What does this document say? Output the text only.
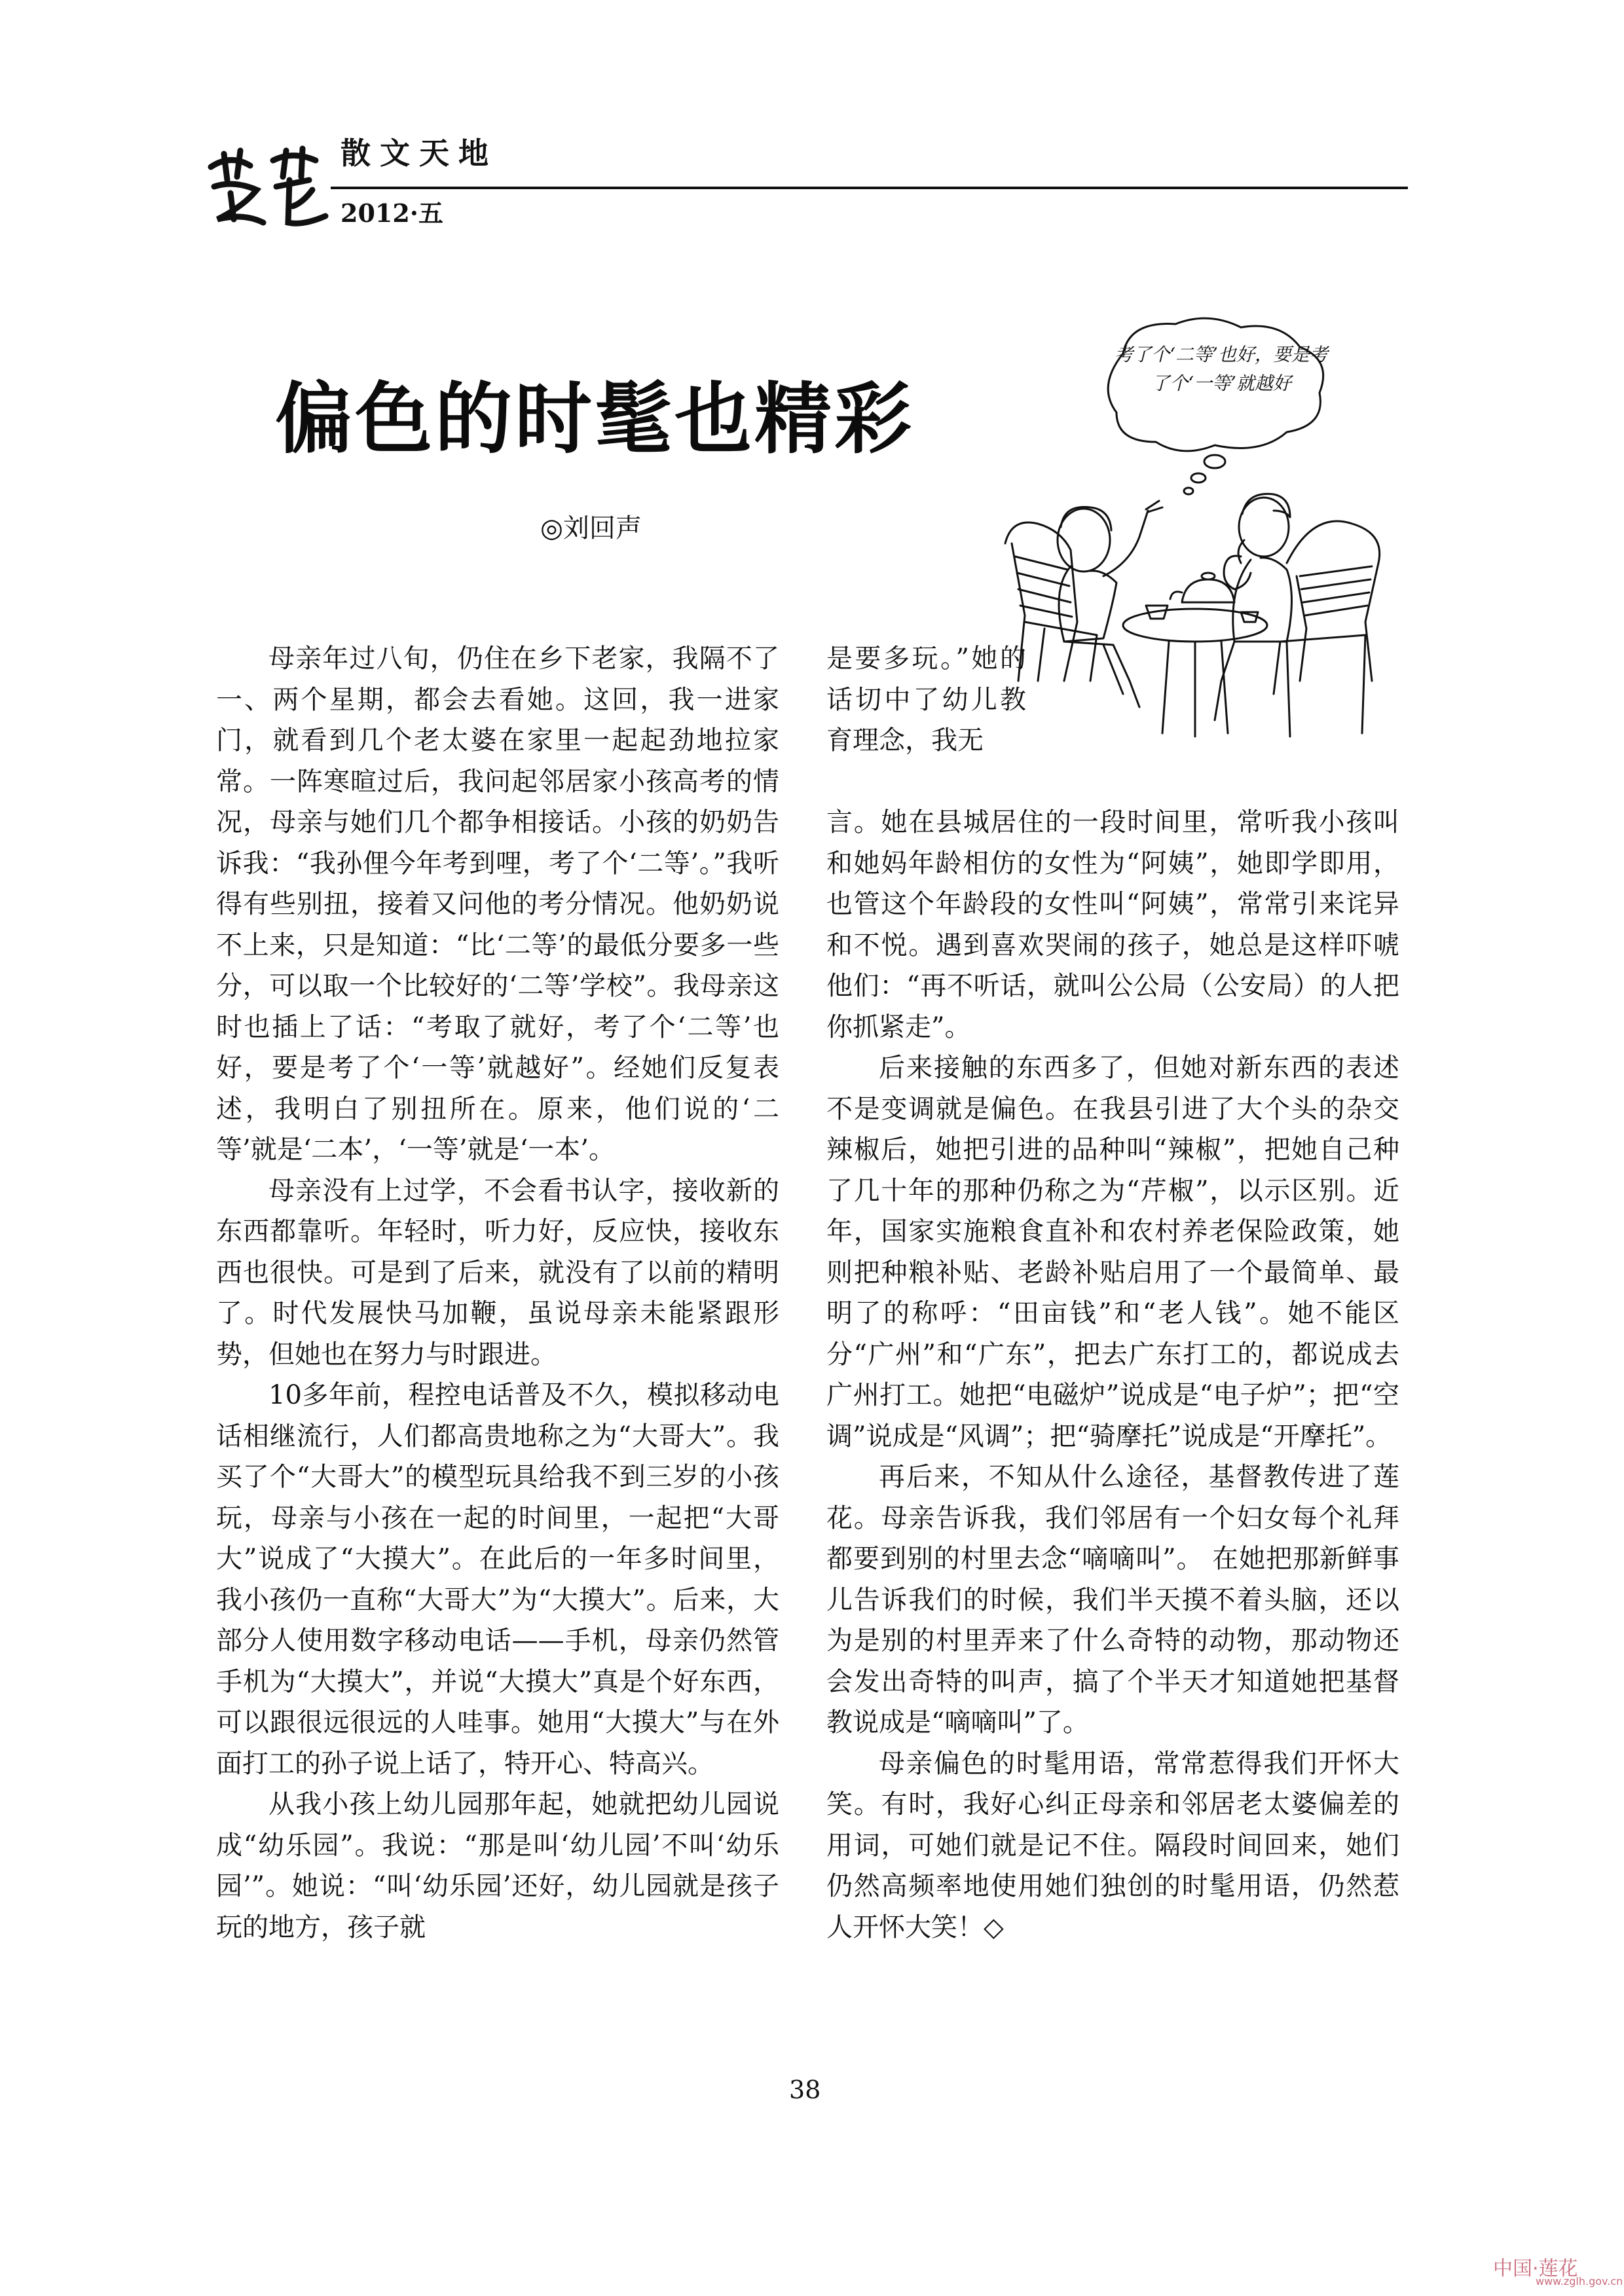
散文天地
2012·五
偏色的时髦也精彩
◎刘回声
考了个‘二等’也好，要是考了个‘一等’就越好

母亲年过八旬，仍住在乡下老家，我隔不了一、两个星期，都会去看她。这回，我一进家门，就看到几个老太婆在家里一起起劲地拉家常。一阵寒暄过后，我问起邻居家小孩高考的情况，母亲与她们几个都争相接话。小孩的奶奶告诉我：“我孙俚今年考到哩，考了个‘二等’。”我听得有些别扭，接着又问他的考分情况。他奶奶说不上来，只是知道：“比‘二等’的最低分要多一些分，可以取一个比较好的‘二等’学校”。我母亲这时也插上了话：“考取了就好，考了个‘二等’也好，要是考了个‘一等’就越好”。经她们反复表述，我明白了别扭所在。原来，他们说的‘二等’就是‘二本’，‘一等’就是‘一本’。

母亲没有上过学，不会看书认字，接收新的东西都靠听。年轻时，听力好，反应快，接收东西也很快。可是到了后来，就没有了以前的精明了。时代发展快马加鞭，虽说母亲未能紧跟形势，但她也在努力与时跟进。

10多年前，程控电话普及不久，模拟移动电话相继流行，人们都高贵地称之为“大哥大”。我买了个“大哥大”的模型玩具给我不到三岁的小孩玩，母亲与小孩在一起的时间里，一起把“大哥大”说成了“大摸大”。在此后的一年多时间里，我小孩仍一直称“大哥大”为“大摸大”。后来，大部分人使用数字移动电话——手机，母亲仍然管手机为“大摸大”，并说“大摸大”真是个好东西，可以跟很远很远的人哇事。她用“大摸大”与在外面打工的孙子说上话了，特开心、特高兴。

从我小孩上幼儿园那年起，她就把幼儿园说成“幼乐园”。我说：“那是叫‘幼儿园’不叫‘幼乐园’”。她说：“叫‘幼乐园’还好，幼儿园就是孩子玩的地方，孩子就

是要多玩。”她的话切中了幼儿教育理念，我无

言。她在县城居住的一段时间里，常听我小孩叫和她妈年龄相仿的女性为“阿姨”，她即学即用，也管这个年龄段的女性叫“阿姨”，常常引来诧异和不悦。遇到喜欢哭闹的孩子，她总是这样吓唬他们：“再不听话，就叫公公局（公安局）的人把你抓紧走”。

后来接触的东西多了，但她对新东西的表述不是变调就是偏色。在我县引进了大个头的杂交辣椒后，她把引进的品种叫“辣椒”，把她自己种了几十年的那种仍称之为“芹椒”，以示区别。近年，国家实施粮食直补和农村养老保险政策，她则把种粮补贴、老龄补贴启用了一个最简单、最明了的称呼：“田亩钱”和“老人钱”。她不能区分“广州”和“广东”，把去广东打工的，都说成去广州打工。她把“电磁炉”说成是“电子炉”；把“空调”说成是“风调”；把“骑摩托”说成是“开摩托”。

再后来，不知从什么途径，基督教传进了莲花。母亲告诉我，我们邻居有一个妇女每个礼拜都要到别的村里去念“嘀嘀叫”。 在她把那新鲜事儿告诉我们的时候，我们半天摸不着头脑，还以为是别的村里弄来了什么奇特的动物，那动物还会发出奇特的叫声，搞了个半天才知道她把基督教说成是“嘀嘀叫”了。

母亲偏色的时髦用语，常常惹得我们开怀大笑。有时，我好心纠正母亲和邻居老太婆偏差的用词，可她们就是记不住。隔段时间回来，她们仍然高频率地使用她们独创的时髦用语，仍然惹人开怀大笑！◇

38
中国·莲花
www.zglh.gov.cn
